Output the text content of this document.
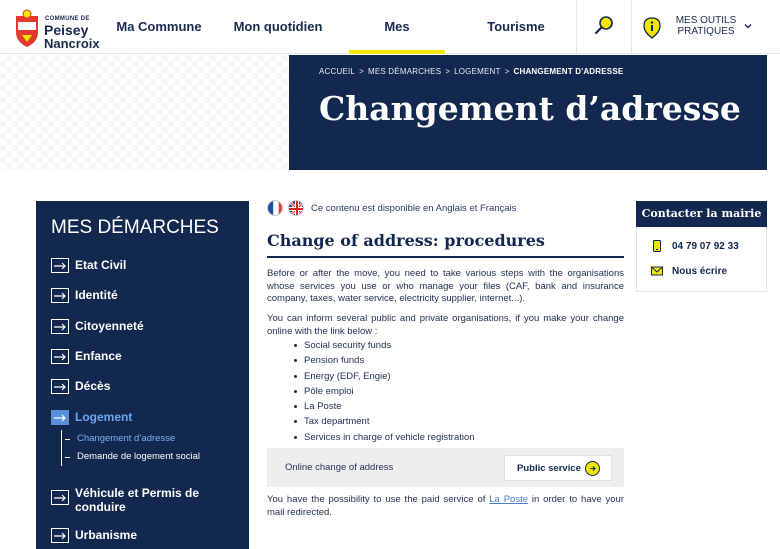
COMMUNE DE
Peisey
Nancroix
Ma Commune Mon quotidien	Mes	Tourisme	MES OUTILS PRATIQUES
ACCUEIL > MES DÉMARCHES > LOGEMENT > CHANGEMENT D'ADRESSE
Changement d’adresse
MES DÉMARCHES
Etat Civil
Identité
Citoyenneté
Enfance
Décès
Logement
Changement d’adresse
Demande de logement social
Véhicule et Permis de conduire
Urbanisme
Ce contenu est disponible en Anglais et Français
Change of address: procedures
Before or after the move, you need to take various steps with the organisations whose services you use or who manage your files (CAF, bank and insurance company, taxes, water service, electricity supplier, internet...).
You can inform several public and private organisations, if you make your change online with the link below :
Social security funds
Pension funds
Energy (EDF, Engie)
Pôle emploi
La Poste
Tax department
Services in charge of vehicle registration
Online change of address	Public service
You have the possibility to use the paid service of La Poste in order to have your mail redirected.
Contacter la mairie
04 79 07 92 33
Nous écrire
